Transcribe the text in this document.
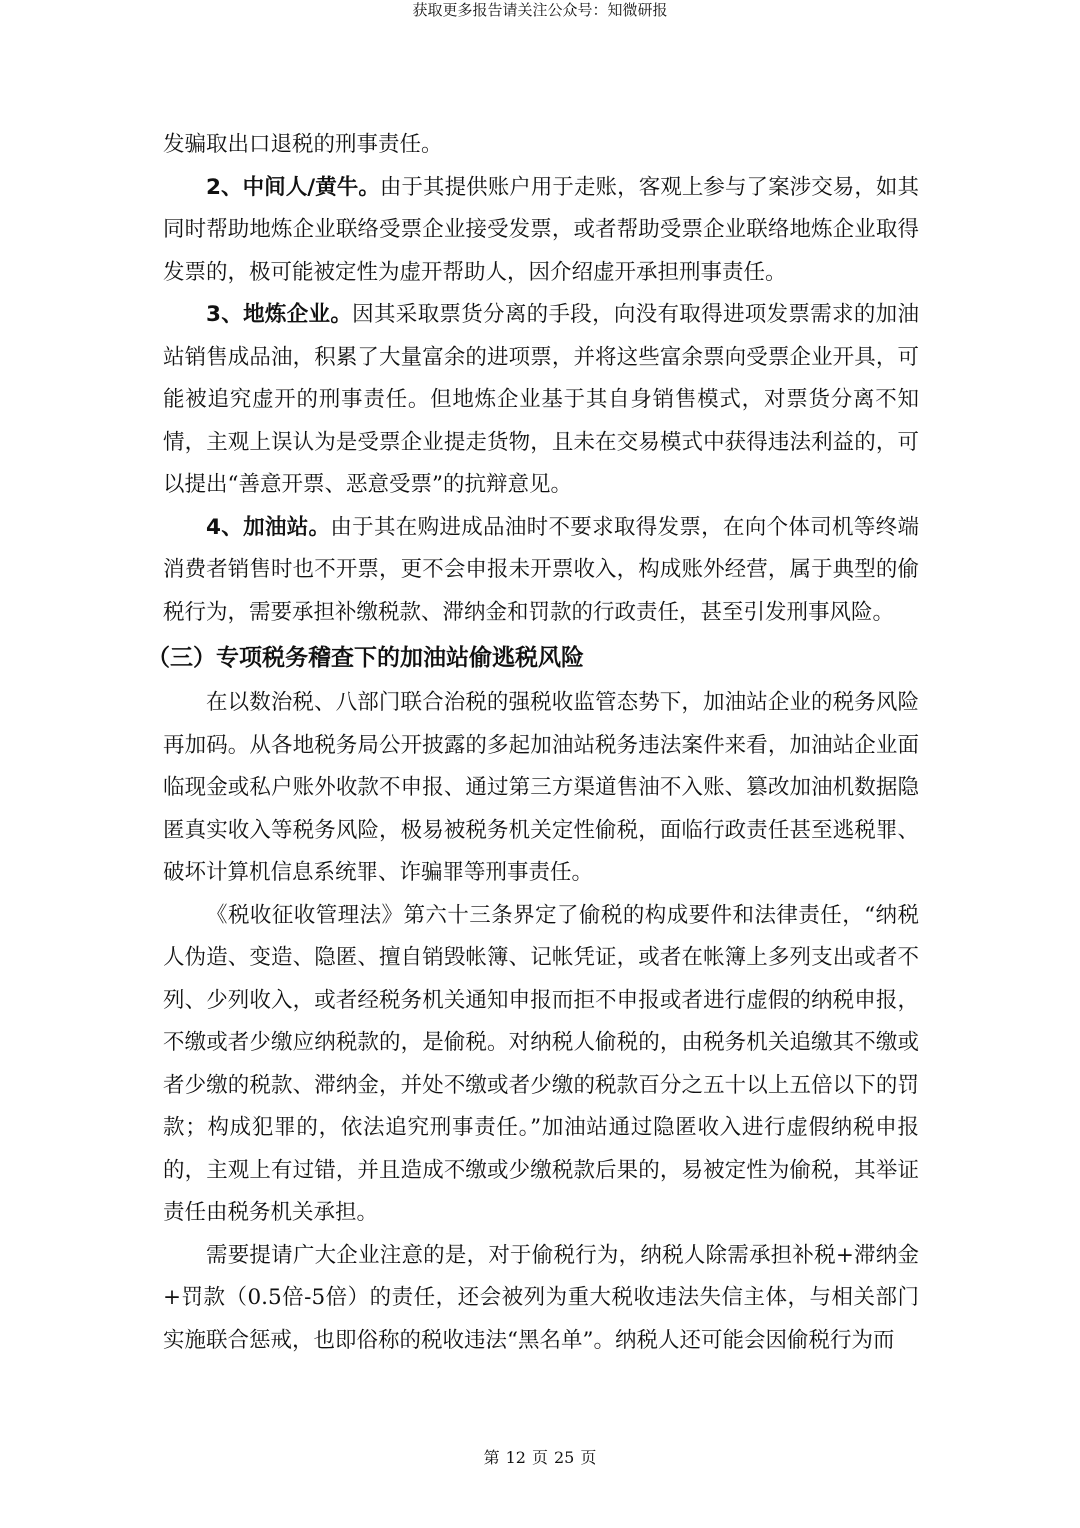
获取更多报告请关注公众号：知微研报

发骗取出口退税的刑事责任。

2、中间人/黄牛。由于其提供账户用于走账，客观上参与了案涉交易，如其同时帮助地炼企业联络受票企业接受发票，或者帮助受票企业联络地炼企业取得发票的，极可能被定性为虚开帮助人，因介绍虚开承担刑事责任。

3、地炼企业。因其采取票货分离的手段，向没有取得进项发票需求的加油站销售成品油，积累了大量富余的进项票，并将这些富余票向受票企业开具，可能被追究虚开的刑事责任。但地炼企业基于其自身销售模式，对票货分离不知情，主观上误认为是受票企业提走货物，且未在交易模式中获得违法利益的，可以提出“善意开票、恶意受票”的抗辩意见。

4、加油站。由于其在购进成品油时不要求取得发票，在向个体司机等终端消费者销售时也不开票，更不会申报未开票收入，构成账外经营，属于典型的偷税行为，需要承担补缴税款、滞纳金和罚款的行政责任，甚至引发刑事风险。

（三）专项税务稽查下的加油站偷逃税风险

在以数治税、八部门联合治税的强税收监管态势下，加油站企业的税务风险再加码。从各地税务局公开披露的多起加油站税务违法案件来看，加油站企业面临现金或私户账外收款不申报、通过第三方渠道售油不入账、篡改加油机数据隐匿真实收入等税务风险，极易被税务机关定性偷税，面临行政责任甚至逃税罪、破坏计算机信息系统罪、诈骗罪等刑事责任。

《税收征收管理法》第六十三条界定了偷税的构成要件和法律责任，“纳税人伪造、变造、隐匿、擅自销毁帐簿、记帐凭证，或者在帐簿上多列支出或者不列、少列收入，或者经税务机关通知申报而拒不申报或者进行虚假的纳税申报，不缴或者少缴应纳税款的，是偷税。对纳税人偷税的，由税务机关追缴其不缴或者少缴的税款、滞纳金，并处不缴或者少缴的税款百分之五十以上五倍以下的罚款；构成犯罪的，依法追究刑事责任。”加油站通过隐匿收入进行虚假纳税申报的，主观上有过错，并且造成不缴或少缴税款后果的，易被定性为偷税，其举证责任由税务机关承担。

需要提请广大企业注意的是，对于偷税行为，纳税人除需承担补税+滞纳金+罚款（0.5倍-5倍）的责任，还会被列为重大税收违法失信主体，与相关部门实施联合惩戒，也即俗称的税收违法“黑名单”。纳税人还可能会因偷税行为而

第 12 页 25 页
